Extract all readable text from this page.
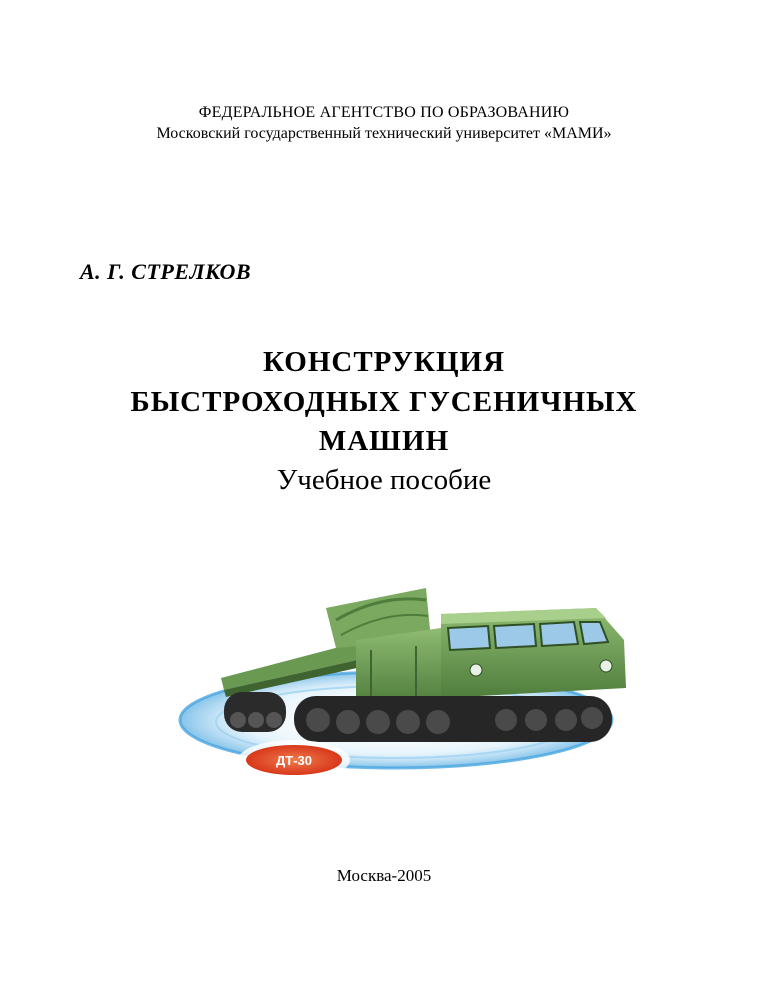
ФЕДЕРАЛЬНОЕ АГЕНТСТВО ПО ОБРАЗОВАНИЮ
Московский государственный технический университет «МАМИ»
А. Г. СТРЕЛКОВ
КОНСТРУКЦИЯ
БЫСТРОХОДНЫХ ГУСЕНИЧНЫХ
МАШИН
Учебное пособие
ДТ-30
Москва-2005
